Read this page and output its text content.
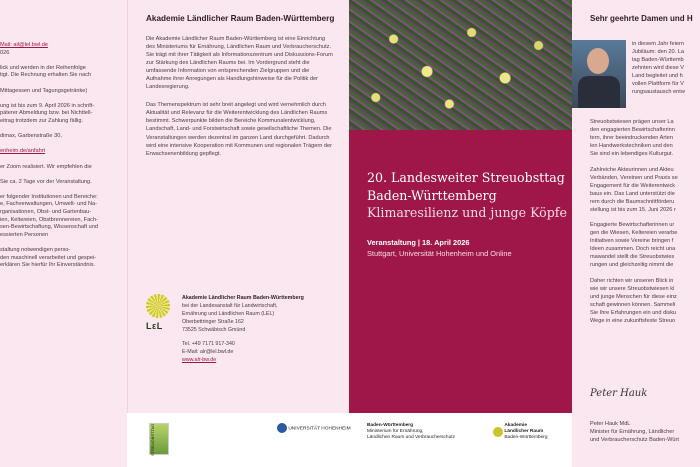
Mail: ail@lel.bwl.de
026
lick und werden in der Reihenfolge
tigt. Die Rechnung erhalten Sie nach
Mittagessen und Tagungsgetränke)
ung ist bis zum 9. April 2026 in schrift-
päterer Abmeldung bzw. bei Nichttell-
eitrag trotzdem zur Zahlung fällig.
dimax, Garbenstraße 30,
enheim.de/anfahrt
er Zoom realisiert. Wir empfehlen die
Sie ca. 2 Tage vor der Veranstaltung.
er folgender Institutionen und Bereiche:
e, Fachverwaltungen, Umwelt- und Na-
rganisationen, Obst- und Gartenbau-
ien, Keltereien, Obstbrennereien, Fach-
sen-Bewirtschaftung, Wissenschaft und
essierten Personen
staltung notwendigen perso-
den maschinell verarbeitet und gespei-
erklären Sie hierfür Ihr Einverständnis.
Akademie Ländlicher Raum Baden-Württemberg

Die Akademie Ländlicher Raum Baden-Württemberg ist eine Einrichtung des Ministeriums für Ernährung, Ländlichen Raum und Verbraucherschutz. Sie trägt mit ihrer Tätigkeit als Informationszentrum und Diskussions-Forum zur Stärkung des Ländlichen Raums bei. Im Vordergrund steht die umfassende Information von entsprechenden Zielgruppen und die Aufnahme ihrer Anregungen als Handlungshinweise für die Politik der Landesregierung.

Das Themenspektrum ist sehr breit angelegt und wird vernehmlich durch Aktualität und Relevanz für die Weiterentwicklung des Ländlichen Raums bestimmt. Schwerpunkte bilden die Bereiche Kommunalentwicklung, Landschaft, Land- und Forstwirtschaft sowie gesellschaftliche Themen. Die Veranstaltungen werden dezentral im ganzen Land durchgeführt. Dadurch wird eine intensive Kooperation mit Kommunen und regionalen Trägern der Erwachsenenbildung gepflegt.

LεL
Akademie Ländlicher Raum Baden-Württemberg
bei der Landesanstalt für Landwirtschaft,
Ernährung und Ländlichen Raum (LEL)
Oberbettringer Straße 162
73525 Schwäbisch Gmünd
Tel. +49 7171 917-340
E-Mail: alr@lel.bwl.de
www.alr-bw.de
20. Landesweiter Streuobsttag
Baden-Württemberg
Klimaresilienz und junge Köpfe
Veranstaltung | 18. April 2026
Stuttgart, Universität Hohenheim und Online
Sehr geehrte Damen und H
in diesem Jahr feiern
Jubiläum: den 20. La
tag Baden-Württemb
zehnten wird diese V
Land begleitet und h
vollen Plattform für V
rungsaustausch entw
Streuobstwiesen prägen unser La
den engagierten Bewirtschafterinn
tern, ihrer beeindruckenden Arten
len Handwerkstechniken und den
Sie sind ein lebendiges Kulturgut.
Zahlreiche Akteurinnen und Akteu
Verbänden, Vereinen und Praxis se
Engagement für die Weiterentwick
baus ein. Das Land unterstützt die
rem durch die Baumschnittförderu
stellung ist bis zum 15. Juni 2026 r
Engagierte Bewirtschafterinnen ur
gen die Wiesen, Keltereien verarbe
Initiativen sowie Vereine bringen f
Ideen zusammen. Doch reicht una
mawandel stellt die Streuobstwies
rungen und gleichzeitig nimmt die
Daher richten wir unseren Blick in
wie wir unsere Streuobstwiesen kl
und junge Menschen für diese einz
schaft gewinnen können. Sammeli
Sie Ihre Erfahrungen ein und disku
Wege in eine zukunftsfeste Streuo
Peter Hauk
Peter Hauk MdL
Minister für Ernährung, Ländlicher
und Verbraucherschutz Baden-Würt
STREUOBSTTAG	UNIVERSITÄT HOHENHEIM
Baden-Württemberg
Ministerium für Ernährung,
Ländlichen Raum und Verbraucherschutz

Akademie
Ländlicher Raum
Baden-Württemberg
